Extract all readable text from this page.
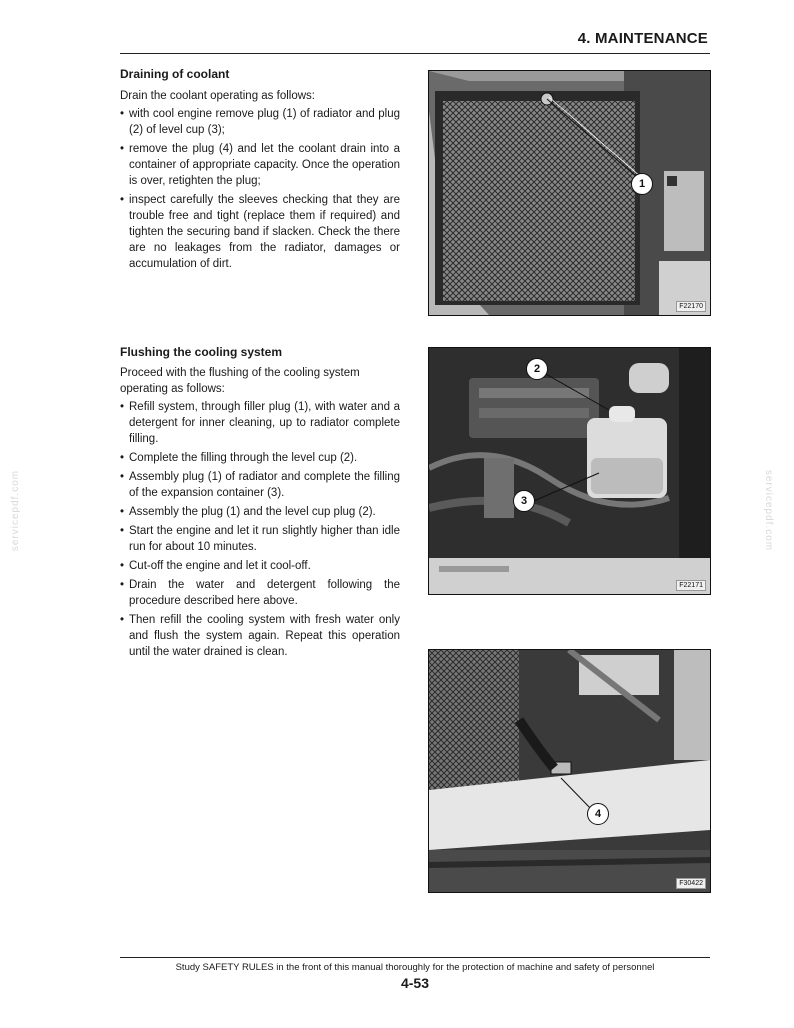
4. MAINTENANCE
servicepdf.com	servicepdf.com
Draining of coolant
Drain the coolant operating as follows:
• with cool engine remove plug (1) of radiator and plug (2) of level cup (3);
• remove the plug (4) and let the coolant drain into a container of appropriate capacity. Once the operation is over, retighten the plug;
• inspect carefully the sleeves checking that they are trouble free and tight (replace them if required) and tighten the securing band if slacken. Check the there are no leakages from the radiator, damages or accumulation of dirt.
1
F22170
Flushing the cooling system
Proceed with the flushing of the cooling system operating as follows:
• Refill system, through filler plug (1), with water and a detergent for inner cleaning, up to radiator complete filling.
• Complete the filling through the level cup (2).
• Assembly plug (1) of radiator and complete the filling of the expansion container (3).
• Assembly the plug (1) and the level cup plug (2).
• Start the engine and let it run slightly higher than idle run for about 10 minutes.
• Cut-off the engine and let it cool-off.
• Drain the water and detergent following the procedure described here above.
• Then refill the cooling system with fresh water only and flush the system again. Repeat this operation until the water drained is clean.
2
3
F22171
4
F30422
Study SAFETY RULES in the front of this manual thoroughly for the protection of machine and safety of personnel
4-53
